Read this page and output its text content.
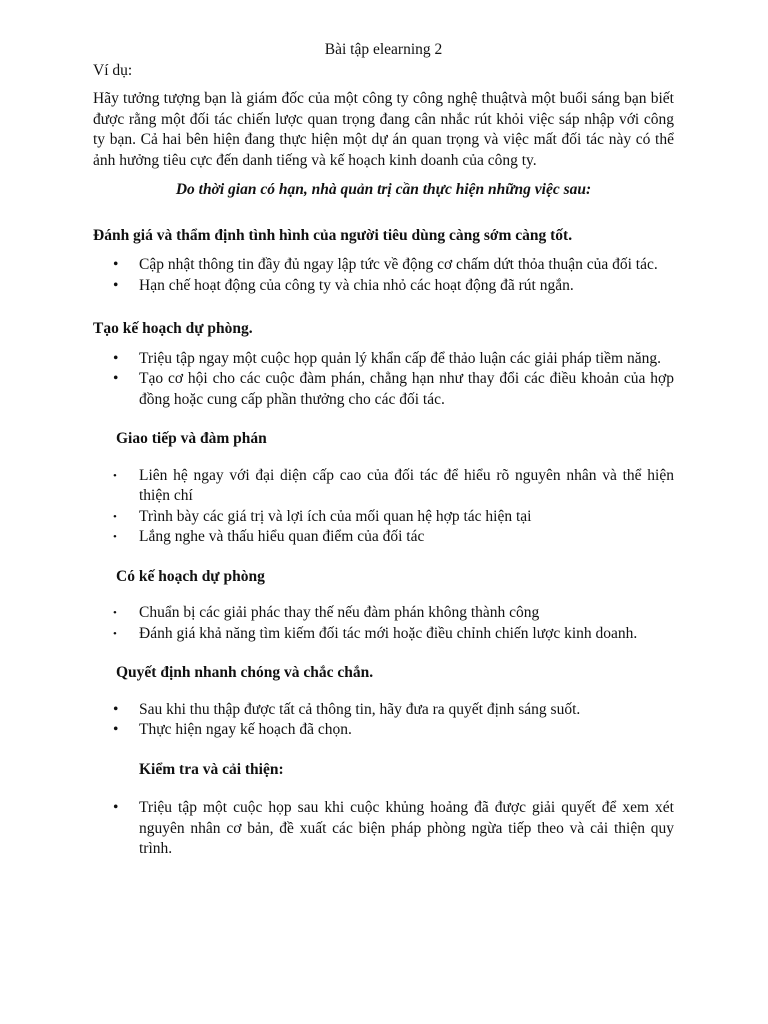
Bài tập elearning 2

Ví dụ:

Hãy tưởng tượng bạn là giám đốc của một công ty công nghệ thuậtvà một buổi sáng bạn biết được rằng một đối tác chiến lược quan trọng đang cân nhắc rút khỏi việc sáp nhập với công ty bạn. Cả hai bên hiện đang thực hiện một dự án quan trọng và việc mất đối tác này có thể ảnh hưởng tiêu cực đến danh tiếng và kế hoạch kinh doanh của công ty.

Do thời gian có hạn, nhà quản trị cần thực hiện những việc sau:

Đánh giá và thẩm định tình hình của người tiêu dùng càng sớm càng tốt.

• Cập nhật thông tin đầy đủ ngay lập tức về động cơ chấm dứt thỏa thuận của đối tác.
• Hạn chế hoạt động của công ty và chia nhỏ các hoạt động đã rút ngắn.

Tạo kế hoạch dự phòng.

• Triệu tập ngay một cuộc họp quản lý khẩn cấp để thảo luận các giải pháp tiềm năng.
• Tạo cơ hội cho các cuộc đàm phán, chẳng hạn như thay đổi các điều khoản của hợp đồng hoặc cung cấp phần thưởng cho các đối tác.

Giao tiếp và đàm phán

• Liên hệ ngay với đại diện cấp cao của đối tác để hiểu rõ nguyên nhân và thể hiện thiện chí
• Trình bày các giá trị và lợi ích của mối quan hệ hợp tác hiện tại
• Lắng nghe và thấu hiểu quan điểm của đối tác

Có kế hoạch dự phòng

• Chuẩn bị các giải phác thay thế nếu đàm phán không thành công
• Đánh giá khả năng tìm kiếm đối tác mới hoặc điều chỉnh chiến lược kinh doanh.

Quyết định nhanh chóng và chắc chắn.

• Sau khi thu thập được tất cả thông tin, hãy đưa ra quyết định sáng suốt.
• Thực hiện ngay kế hoạch đã chọn.

Kiểm tra và cải thiện:

• Triệu tập một cuộc họp sau khi cuộc khủng hoảng đã được giải quyết để xem xét nguyên nhân cơ bản, đề xuất các biện pháp phòng ngừa tiếp theo và cải thiện quy trình.
